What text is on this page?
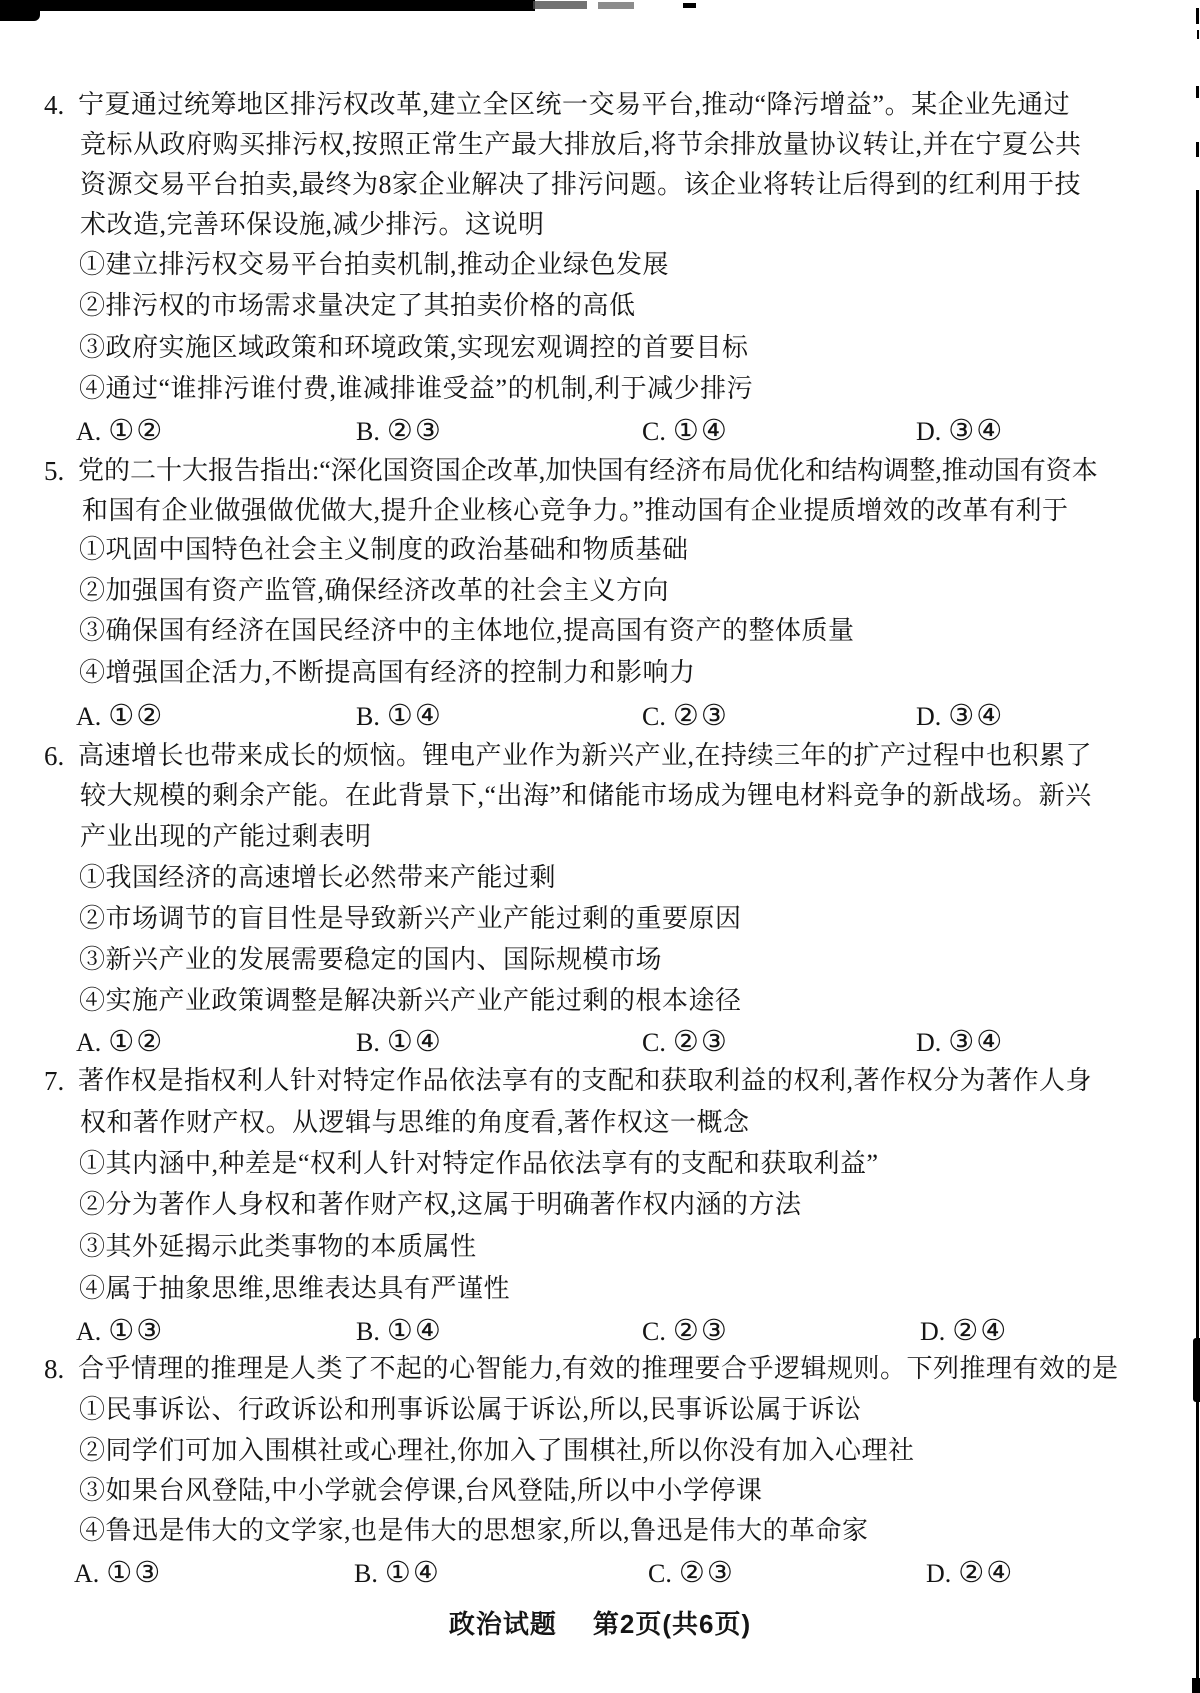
4. 宁夏通过统筹地区排污权改革,建立全区统一交易平台,推动“降污增益”。某企业先通过
竞标从政府购买排污权,按照正常生产最大排放后,将节余排放量协议转让,并在宁夏公共
资源交易平台拍卖,最终为8家企业解决了排污问题。该企业将转让后得到的红利用于技
术改造,完善环保设施,减少排污。这说明
①建立排污权交易平台拍卖机制,推动企业绿色发展
②排污权的市场需求量决定了其拍卖价格的高低
③政府实施区域政策和环境政策,实现宏观调控的首要目标
④通过“谁排污谁付费,谁减排谁受益”的机制,利于减少排污
A. ①②	B. ②③	C. ①④	D. ③④
5. 党的二十大报告指出:“深化国资国企改革,加快国有经济布局优化和结构调整,推动国有资本
和国有企业做强做优做大,提升企业核心竞争力。”推动国有企业提质增效的改革有利于
①巩固中国特色社会主义制度的政治基础和物质基础
②加强国有资产监管,确保经济改革的社会主义方向
③确保国有经济在国民经济中的主体地位,提高国有资产的整体质量
④增强国企活力,不断提高国有经济的控制力和影响力
A. ①②	B. ①④	C. ②③	D. ③④
6. 高速增长也带来成长的烦恼。锂电产业作为新兴产业,在持续三年的扩产过程中也积累了
较大规模的剩余产能。在此背景下,“出海”和储能市场成为锂电材料竞争的新战场。新兴
产业出现的产能过剩表明
①我国经济的高速增长必然带来产能过剩
②市场调节的盲目性是导致新兴产业产能过剩的重要原因
③新兴产业的发展需要稳定的国内、国际规模市场
④实施产业政策调整是解决新兴产业产能过剩的根本途径
A. ①②	B. ①④	C. ②③	D. ③④
7. 著作权是指权利人针对特定作品依法享有的支配和获取利益的权利,著作权分为著作人身
权和著作财产权。从逻辑与思维的角度看,著作权这一概念
①其内涵中,种差是“权利人针对特定作品依法享有的支配和获取利益”
②分为著作人身权和著作财产权,这属于明确著作权内涵的方法
③其外延揭示此类事物的本质属性
④属于抽象思维,思维表达具有严谨性
A. ①③	B. ①④	C. ②③	D. ②④
8. 合乎情理的推理是人类了不起的心智能力,有效的推理要合乎逻辑规则。下列推理有效的是
①民事诉讼、行政诉讼和刑事诉讼属于诉讼,所以,民事诉讼属于诉讼
②同学们可加入围棋社或心理社,你加入了围棋社,所以你没有加入心理社
③如果台风登陆,中小学就会停课,台风登陆,所以中小学停课
④鲁迅是伟大的文学家,也是伟大的思想家,所以,鲁迅是伟大的革命家
A. ①③	B. ①④	C. ②③	D. ②④
政治试题 第2页(共6页)
